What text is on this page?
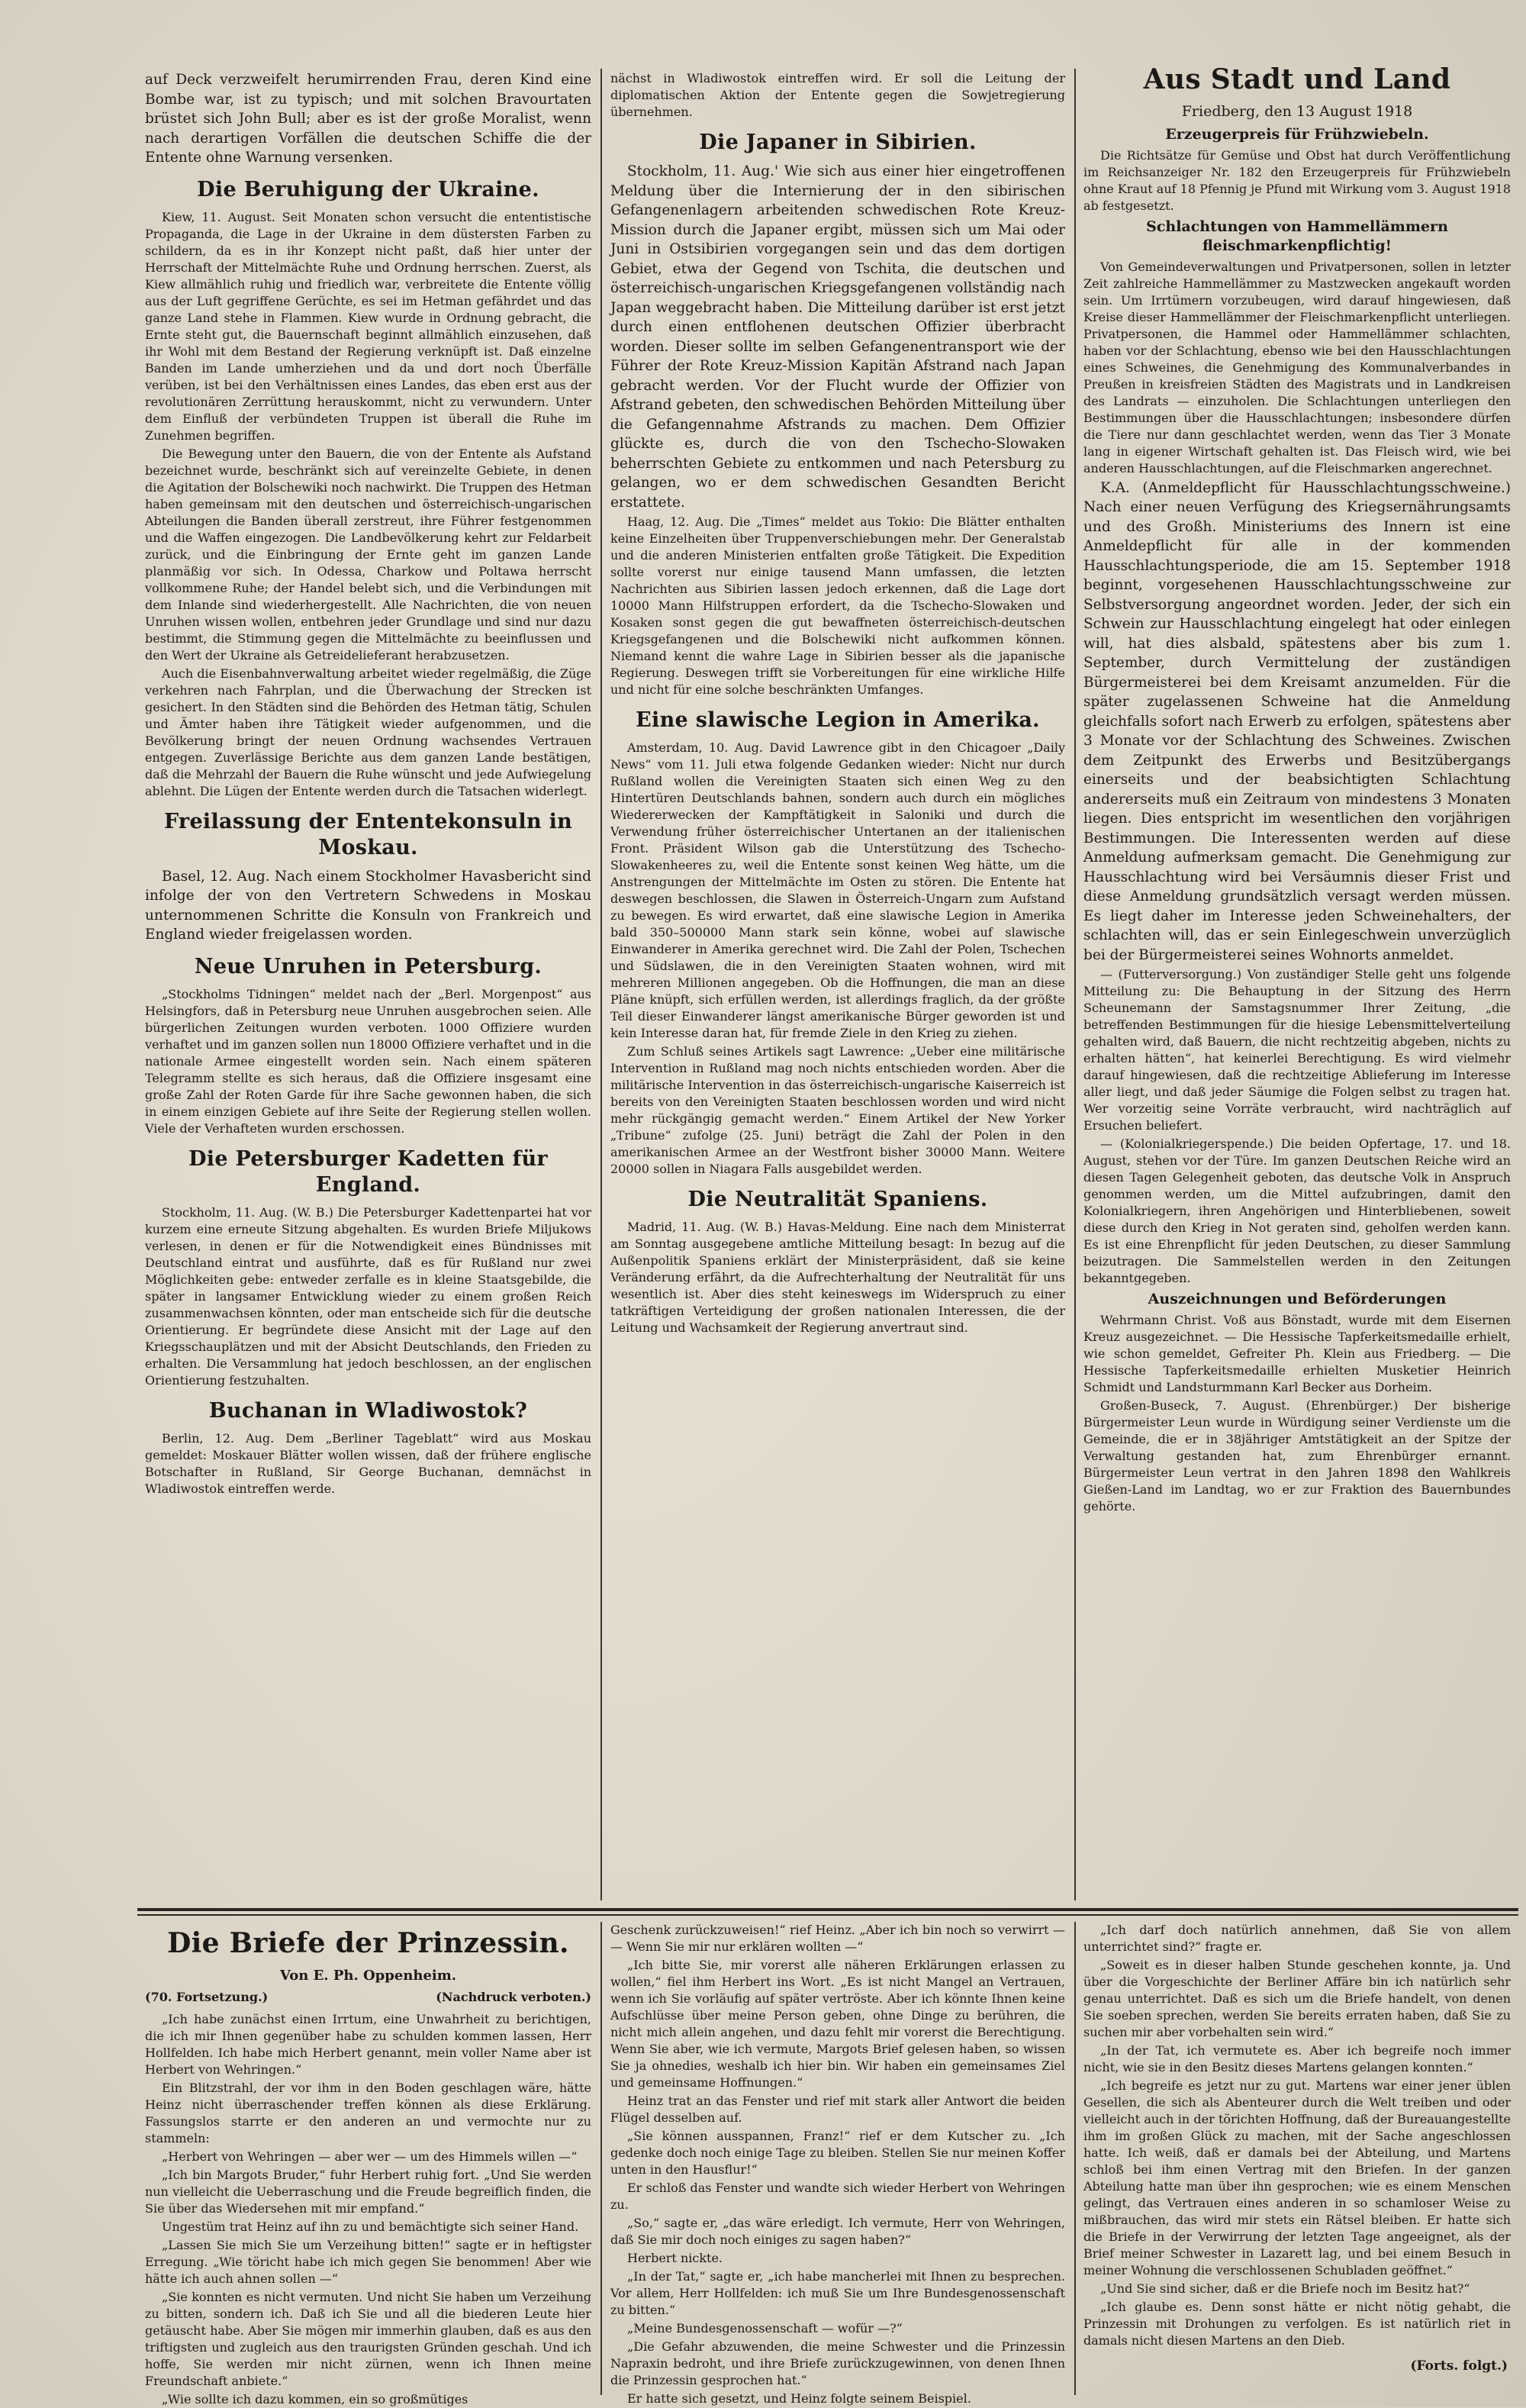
auf Deck verzweifelt herumirrenden Frau, deren Kind eine Bombe war, ist zu typisch; und mit solchen Bravourtaten brüstet sich John Bull; aber es ist der große Moralist, wenn nach derartigen Vorfällen die deutschen Schiffe die der Entente ohne Warnung versenken.

Die Beruhigung der Ukraine.

Kiew, 11. August. Seit Monaten schon versucht die ententistische Propaganda, die Lage in der Ukraine in dem düstersten Farben zu schildern, da es in ihr Konzept nicht paßt, daß hier unter der Herrschaft der Mittelmächte Ruhe und Ordnung herrschen. Zuerst, als Kiew allmählich ruhig und friedlich war, verbreitete die Entente völlig aus der Luft gegriffene Gerüchte, es sei im Hetman gefährdet und das ganze Land stehe in Flammen. Kiew wurde in Ordnung gebracht, die Ernte steht gut, die Bauernschaft beginnt allmählich einzusehen, daß ihr Wohl mit dem Bestand der Regierung verknüpft ist. Daß einzelne Banden im Lande umherziehen und da und dort noch Überfälle verüben, ist bei den Verhältnissen eines Landes, das eben erst aus der revolutionären Zerrüttung herauskommt, nicht zu verwundern. Unter dem Einfluß der verbündeten Truppen ist überall die Ruhe im Zunehmen begriffen.

Die Bewegung unter den Bauern, die von der Entente als Aufstand bezeichnet wurde, beschränkt sich auf vereinzelte Gebiete, in denen die Agitation der Bolschewiki noch nachwirkt. Die Truppen des Hetman haben gemeinsam mit den deutschen und österreichisch-ungarischen Abteilungen die Banden überall zerstreut, ihre Führer festgenommen und die Waffen eingezogen. Die Landbevölkerung kehrt zur Feldarbeit zurück, und die Einbringung der Ernte geht im ganzen Lande planmäßig vor sich. In Odessa, Charkow und Poltawa herrscht vollkommene Ruhe; der Handel belebt sich, und die Verbindungen mit dem Inlande sind wiederhergestellt. Alle Nachrichten, die von neuen Unruhen wissen wollen, entbehren jeder Grundlage und sind nur dazu bestimmt, die Stimmung gegen die Mittelmächte zu beeinflussen und den Wert der Ukraine als Getreidelieferant herabzusetzen.

Auch die Eisenbahnverwaltung arbeitet wieder regelmäßig, die Züge verkehren nach Fahrplan, und die Überwachung der Strecken ist gesichert. In den Städten sind die Behörden des Hetman tätig, Schulen und Ämter haben ihre Tätigkeit wieder aufgenommen, und die Bevölkerung bringt der neuen Ordnung wachsendes Vertrauen entgegen. Zuverlässige Berichte aus dem ganzen Lande bestätigen, daß die Mehrzahl der Bauern die Ruhe wünscht und jede Aufwiegelung ablehnt. Die Lügen der Entente werden durch die Tatsachen widerlegt.

Freilassung der Ententekonsuln in Moskau.

Basel, 12. Aug. Nach einem Stockholmer Havasbericht sind infolge der von den Vertretern Schwedens in Moskau unternommenen Schritte die Konsuln von Frankreich und England wieder freigelassen worden.

Neue Unruhen in Petersburg.

„Stockholms Tidningen“ meldet nach der „Berl. Morgenpost“ aus Helsingfors, daß in Petersburg neue Unruhen ausgebrochen seien. Alle bürgerlichen Zeitungen wurden verboten. 1000 Offiziere wurden verhaftet und im ganzen sollen nun 18000 Offiziere verhaftet und in die nationale Armee eingestellt worden sein. Nach einem späteren Telegramm stellte es sich heraus, daß die Offiziere insgesamt eine große Zahl der Roten Garde für ihre Sache gewonnen haben, die sich in einem einzigen Gebiete auf ihre Seite der Regierung stellen wollen. Viele der Verhafteten wurden erschossen.

Die Petersburger Kadetten für England.

Stockholm, 11. Aug. (W. B.) Die Petersburger Kadettenpartei hat vor kurzem eine erneute Sitzung abgehalten. Es wurden Briefe Miljukows verlesen, in denen er für die Notwendigkeit eines Bündnisses mit Deutschland eintrat und ausführte, daß es für Rußland nur zwei Möglichkeiten gebe: entweder zerfalle es in kleine Staatsgebilde, die später in langsamer Entwicklung wieder zu einem großen Reich zusammenwachsen könnten, oder man entscheide sich für die deutsche Orientierung. Er begründete diese Ansicht mit der Lage auf den Kriegsschauplätzen und mit der Absicht Deutschlands, den Frieden zu erhalten. Die Versammlung hat jedoch beschlossen, an der englischen Orientierung festzuhalten.

Buchanan in Wladiwostok?

Berlin, 12. Aug. Dem „Berliner Tageblatt“ wird aus Moskau gemeldet: Moskauer Blätter wollen wissen, daß der frühere englische Botschafter in Rußland, Sir George Buchanan, demnächst in Wladiwostok eintreffen werde.

nächst in Wladiwostok eintreffen wird. Er soll die Leitung der diplomatischen Aktion der Entente gegen die Sowjetregierung übernehmen.

Die Japaner in Sibirien.

Stockholm, 11. Aug.' Wie sich aus einer hier eingetroffenen Meldung über die Internierung der in den sibirischen Gefangenenlagern arbeitenden schwedischen Rote Kreuz-Mission durch die Japaner ergibt, müssen sich um Mai oder Juni in Ostsibirien vorgegangen sein und das dem dortigen Gebiet, etwa der Gegend von Tschita, die deutschen und österreichisch-ungarischen Kriegsgefangenen vollständig nach Japan weggebracht haben. Die Mitteilung darüber ist erst jetzt durch einen entflohenen deutschen Offizier überbracht worden. Dieser sollte im selben Gefangenentransport wie der Führer der Rote Kreuz-Mission Kapitän Afstrand nach Japan gebracht werden. Vor der Flucht wurde der Offizier von Afstrand gebeten, den schwedischen Behörden Mitteilung über die Gefangennahme Afstrands zu machen. Dem Offizier glückte es, durch die von den Tschecho-Slowaken beherrschten Gebiete zu entkommen und nach Petersburg zu gelangen, wo er dem schwedischen Gesandten Bericht erstattete.

Haag, 12. Aug. Die „Times“ meldet aus Tokio: Die Blätter enthalten keine Einzelheiten über Truppenverschiebungen mehr. Der Generalstab und die anderen Ministerien entfalten große Tätigkeit. Die Expedition sollte vorerst nur einige tausend Mann umfassen, die letzten Nachrichten aus Sibirien lassen jedoch erkennen, daß die Lage dort 10000 Mann Hilfstruppen erfordert, da die Tschecho-Slowaken und Kosaken sonst gegen die gut bewaffneten österreichisch-deutschen Kriegsgefangenen und die Bolschewiki nicht aufkommen können. Niemand kennt die wahre Lage in Sibirien besser als die japanische Regierung. Deswegen trifft sie Vorbereitungen für eine wirkliche Hilfe und nicht für eine solche beschränkten Umfanges.

Eine slawische Legion in Amerika.

Amsterdam, 10. Aug. David Lawrence gibt in den Chicagoer „Daily News“ vom 11. Juli etwa folgende Gedanken wieder: Nicht nur durch Rußland wollen die Vereinigten Staaten sich einen Weg zu den Hintertüren Deutschlands bahnen, sondern auch durch ein mögliches Wiedererwecken der Kampftätigkeit in Saloniki und durch die Verwendung früher österreichischer Untertanen an der italienischen Front. Präsident Wilson gab die Unterstützung des Tschecho-Slowakenheeres zu, weil die Entente sonst keinen Weg hätte, um die Anstrengungen der Mittelmächte im Osten zu stören. Die Entente hat deswegen beschlossen, die Slawen in Österreich-Ungarn zum Aufstand zu bewegen. Es wird erwartet, daß eine slawische Legion in Amerika bald 350–500000 Mann stark sein könne, wobei auf slawische Einwanderer in Amerika gerechnet wird. Die Zahl der Polen, Tschechen und Südslawen, die in den Vereinigten Staaten wohnen, wird mit mehreren Millionen angegeben. Ob die Hoffnungen, die man an diese Pläne knüpft, sich erfüllen werden, ist allerdings fraglich, da der größte Teil dieser Einwanderer längst amerikanische Bürger geworden ist und kein Interesse daran hat, für fremde Ziele in den Krieg zu ziehen.

Zum Schluß seines Artikels sagt Lawrence: „Ueber eine militärische Intervention in Rußland mag noch nichts entschieden worden. Aber die militärische Intervention in das österreichisch-ungarische Kaiserreich ist bereits von den Vereinigten Staaten beschlossen worden und wird nicht mehr rückgängig gemacht werden.“ Einem Artikel der New Yorker „Tribune“ zufolge (25. Juni) beträgt die Zahl der Polen in den amerikanischen Armee an der Westfront bisher 30000 Mann. Weitere 20000 sollen in Niagara Falls ausgebildet werden.

Die Neutralität Spaniens.

Madrid, 11. Aug. (W. B.) Havas-Meldung. Eine nach dem Ministerrat am Sonntag ausgegebene amtliche Mitteilung besagt: In bezug auf die Außenpolitik Spaniens erklärt der Ministerpräsident, daß sie keine Veränderung erfährt, da die Aufrechterhaltung der Neutralität für uns wesentlich ist. Aber dies steht keineswegs im Widerspruch zu einer tatkräftigen Verteidigung der großen nationalen Interessen, die der Leitung und Wachsamkeit der Regierung anvertraut sind.

Aus Stadt und Land
Friedberg, den 13 August 1918
Erzeugerpreis für Frühzwiebeln.

Die Richtsätze für Gemüse und Obst hat durch Veröffentlichung im Reichsanzeiger Nr. 182 den Erzeugerpreis für Frühzwiebeln ohne Kraut auf 18 Pfennig je Pfund mit Wirkung vom 3. August 1918 ab festgesetzt.

Schlachtungen von Hammellämmern fleischmarkenpflichtig!

Von Gemeindeverwaltungen und Privatpersonen, sollen in letzter Zeit zahlreiche Hammellämmer zu Mastzwecken angekauft worden sein. Um Irrtümern vorzubeugen, wird darauf hingewiesen, daß Kreise dieser Hammellämmer der Fleischmarkenpflicht unterliegen. Privatpersonen, die Hammel oder Hammellämmer schlachten, haben vor der Schlachtung, ebenso wie bei den Hausschlachtungen eines Schweines, die Genehmigung des Kommunalverbandes in Preußen in kreisfreien Städten des Magistrats und in Landkreisen des Landrats — einzuholen. Die Schlachtungen unterliegen den Bestimmungen über die Hausschlachtungen; insbesondere dürfen die Tiere nur dann geschlachtet werden, wenn das Tier 3 Monate lang in eigener Wirtschaft gehalten ist. Das Fleisch wird, wie bei anderen Hausschlachtungen, auf die Fleischmarken angerechnet.

K.A. (Anmeldepflicht für Hausschlachtungsschweine.) Nach einer neuen Verfügung des Kriegsernährungsamts und des Großh. Ministeriums des Innern ist eine Anmeldepflicht für alle in der kommenden Hausschlachtungsperiode, die am 15. September 1918 beginnt, vorgesehenen Hausschlachtungsschweine zur Selbstversorgung angeordnet worden. Jeder, der sich ein Schwein zur Hausschlachtung eingelegt hat oder einlegen will, hat dies alsbald, spätestens aber bis zum 1. September, durch Vermittelung der zuständigen Bürgermeisterei bei dem Kreisamt anzumelden. Für die später zugelassenen Schweine hat die Anmeldung gleichfalls sofort nach Erwerb zu erfolgen, spätestens aber 3 Monate vor der Schlachtung des Schweines. Zwischen dem Zeitpunkt des Erwerbs und Besitzübergangs einerseits und der beabsichtigten Schlachtung andererseits muß ein Zeitraum von mindestens 3 Monaten liegen. Dies entspricht im wesentlichen den vorjährigen Bestimmungen. Die Interessenten werden auf diese Anmeldung aufmerksam gemacht. Die Genehmigung zur Hausschlachtung wird bei Versäumnis dieser Frist und diese Anmeldung grundsätzlich versagt werden müssen. Es liegt daher im Interesse jeden Schweinehalters, der schlachten will, das er sein Einlegeschwein unverzüglich bei der Bürgermeisterei seines Wohnorts anmeldet.

— (Futterversorgung.) Von zuständiger Stelle geht uns folgende Mitteilung zu: Die Behauptung in der Sitzung des Herrn Scheunemann der Samstagsnummer Ihrer Zeitung, „die betreffenden Bestimmungen für die hiesige Lebensmittelverteilung gehalten wird, daß Bauern, die nicht rechtzeitig abgeben, nichts zu erhalten hätten“, hat keinerlei Berechtigung. Es wird vielmehr darauf hingewiesen, daß die rechtzeitige Ablieferung im Interesse aller liegt, und daß jeder Säumige die Folgen selbst zu tragen hat. Wer vorzeitig seine Vorräte verbraucht, wird nachträglich auf Ersuchen beliefert.

— (Kolonialkriegerspende.) Die beiden Opfertage, 17. und 18. August, stehen vor der Türe. Im ganzen Deutschen Reiche wird an diesen Tagen Gelegenheit geboten, das deutsche Volk in Anspruch genommen werden, um die Mittel aufzubringen, damit den Kolonialkriegern, ihren Angehörigen und Hinterbliebenen, soweit diese durch den Krieg in Not geraten sind, geholfen werden kann. Es ist eine Ehrenpflicht für jeden Deutschen, zu dieser Sammlung beizutragen. Die Sammelstellen werden in den Zeitungen bekanntgegeben.

Auszeichnungen und Beförderungen

Wehrmann Christ. Voß aus Bönstadt, wurde mit dem Eisernen Kreuz ausgezeichnet. — Die Hessische Tapferkeitsmedaille erhielt, wie schon gemeldet, Gefreiter Ph. Klein aus Friedberg. — Die Hessische Tapferkeitsmedaille erhielten Musketier Heinrich Schmidt und Landsturmmann Karl Becker aus Dorheim.

Großen-Buseck, 7. August. (Ehrenbürger.) Der bisherige Bürgermeister Leun wurde in Würdigung seiner Verdienste um die Gemeinde, die er in 38jähriger Amtstätigkeit an der Spitze der Verwaltung gestanden hat, zum Ehrenbürger ernannt. Bürgermeister Leun vertrat in den Jahren 1898 den Wahlkreis Gießen-Land im Landtag, wo er zur Fraktion des Bauernbundes gehörte.

Die Briefe der Prinzessin.
Von E. Ph. Oppenheim.
(70. Fortsetzung.)	(Nachdruck verboten.)

„Ich habe zunächst einen Irrtum, eine Unwahrheit zu berichtigen, die ich mir Ihnen gegenüber habe zu schulden kommen lassen, Herr Hollfelden. Ich habe mich Herbert genannt, mein voller Name aber ist Herbert von Wehringen.“

Ein Blitzstrahl, der vor ihm in den Boden geschlagen wäre, hätte Heinz nicht überraschender treffen können als diese Erklärung. Fassungslos starrte er den anderen an und vermochte nur zu stammeln:

„Herbert von Wehringen — aber wer — um des Himmels willen —“

„Ich bin Margots Bruder,“ fuhr Herbert ruhig fort. „Und Sie werden nun vielleicht die Ueberraschung und die Freude begreiflich finden, die Sie über das Wiedersehen mit mir empfand.“

Ungestüm trat Heinz auf ihn zu und bemächtigte sich seiner Hand.

„Lassen Sie mich Sie um Verzeihung bitten!“ sagte er in heftigster Erregung. „Wie töricht habe ich mich gegen Sie benommen! Aber wie hätte ich auch ahnen sollen —“

„Sie konnten es nicht vermuten. Und nicht Sie haben um Verzeihung zu bitten, sondern ich. Daß ich Sie und all die biederen Leute hier getäuscht habe. Aber Sie mögen mir immerhin glauben, daß es aus den triftigsten und zugleich aus den traurigsten Gründen geschah. Und ich hoffe, Sie werden mir nicht zürnen, wenn ich Ihnen meine Freundschaft anbiete.“

„Wie sollte ich dazu kommen, ein so großmütiges

Geschenk zurückzuweisen!“ rief Heinz. „Aber ich bin noch so verwirrt — — Wenn Sie mir nur erklären wollten —“

„Ich bitte Sie, mir vorerst alle näheren Erklärungen erlassen zu wollen,“ fiel ihm Herbert ins Wort. „Es ist nicht Mangel an Vertrauen, wenn ich Sie vorläufig auf später vertröste. Aber ich könnte Ihnen keine Aufschlüsse über meine Person geben, ohne Dinge zu berühren, die nicht mich allein angehen, und dazu fehlt mir vorerst die Berechtigung. Wenn Sie aber, wie ich vermute, Margots Brief gelesen haben, so wissen Sie ja ohnedies, weshalb ich hier bin. Wir haben ein gemeinsames Ziel und gemeinsame Hoffnungen.“

Heinz trat an das Fenster und rief mit stark aller Antwort die beiden Flügel desselben auf.

„Sie können ausspannen, Franz!“ rief er dem Kutscher zu. „Ich gedenke doch noch einige Tage zu bleiben. Stellen Sie nur meinen Koffer unten in den Hausflur!“

Er schloß das Fenster und wandte sich wieder Herbert von Wehringen zu.

„So,“ sagte er, „das wäre erledigt. Ich vermute, Herr von Wehringen, daß Sie mir doch noch einiges zu sagen haben?“

Herbert nickte.

„In der Tat,“ sagte er, „ich habe mancherlei mit Ihnen zu besprechen. Vor allem, Herr Hollfelden: ich muß Sie um Ihre Bundesgenossenschaft zu bitten.“

„Meine Bundesgenossenschaft — wofür —?“

„Die Gefahr abzuwenden, die meine Schwester und die Prinzessin Napraxin bedroht, und ihre Briefe zurückzugewinnen, von denen Ihnen die Prinzessin gesprochen hat.“

Er hatte sich gesetzt, und Heinz folgte seinem Beispiel.

„Ich darf doch natürlich annehmen, daß Sie von allem unterrichtet sind?“ fragte er.

„Soweit es in dieser halben Stunde geschehen konnte, ja. Und über die Vorgeschichte der Berliner Affäre bin ich natürlich sehr genau unterrichtet. Daß es sich um die Briefe handelt, von denen Sie soeben sprechen, werden Sie bereits erraten haben, daß Sie zu suchen mir aber vorbehalten sein wird.“

„In der Tat, ich vermutete es. Aber ich begreife noch immer nicht, wie sie in den Besitz dieses Martens gelangen konnten.“

„Ich begreife es jetzt nur zu gut. Martens war einer jener üblen Gesellen, die sich als Abenteurer durch die Welt treiben und oder vielleicht auch in der törichten Hoffnung, daß der Bureauangestellte ihm im großen Glück zu machen, mit der Sache angeschlossen hatte. Ich weiß, daß er damals bei der Abteilung, und Martens schloß bei ihm einen Vertrag mit den Briefen. In der ganzen Abteilung hatte man über ihn gesprochen; wie es einem Menschen gelingt, das Vertrauen eines anderen in so schamloser Weise zu mißbrauchen, das wird mir stets ein Rätsel bleiben. Er hatte sich die Briefe in der Verwirrung der letzten Tage angeeignet, als der Brief meiner Schwester in Lazarett lag, und bei einem Besuch in meiner Wohnung die verschlossenen Schubladen geöffnet.“

„Und Sie sind sicher, daß er die Briefe noch im Besitz hat?“

„Ich glaube es. Denn sonst hätte er nicht nötig gehabt, die Prinzessin mit Drohungen zu verfolgen. Es ist natürlich riet in damals nicht diesen Martens an den Dieb.

(Forts. folgt.)
